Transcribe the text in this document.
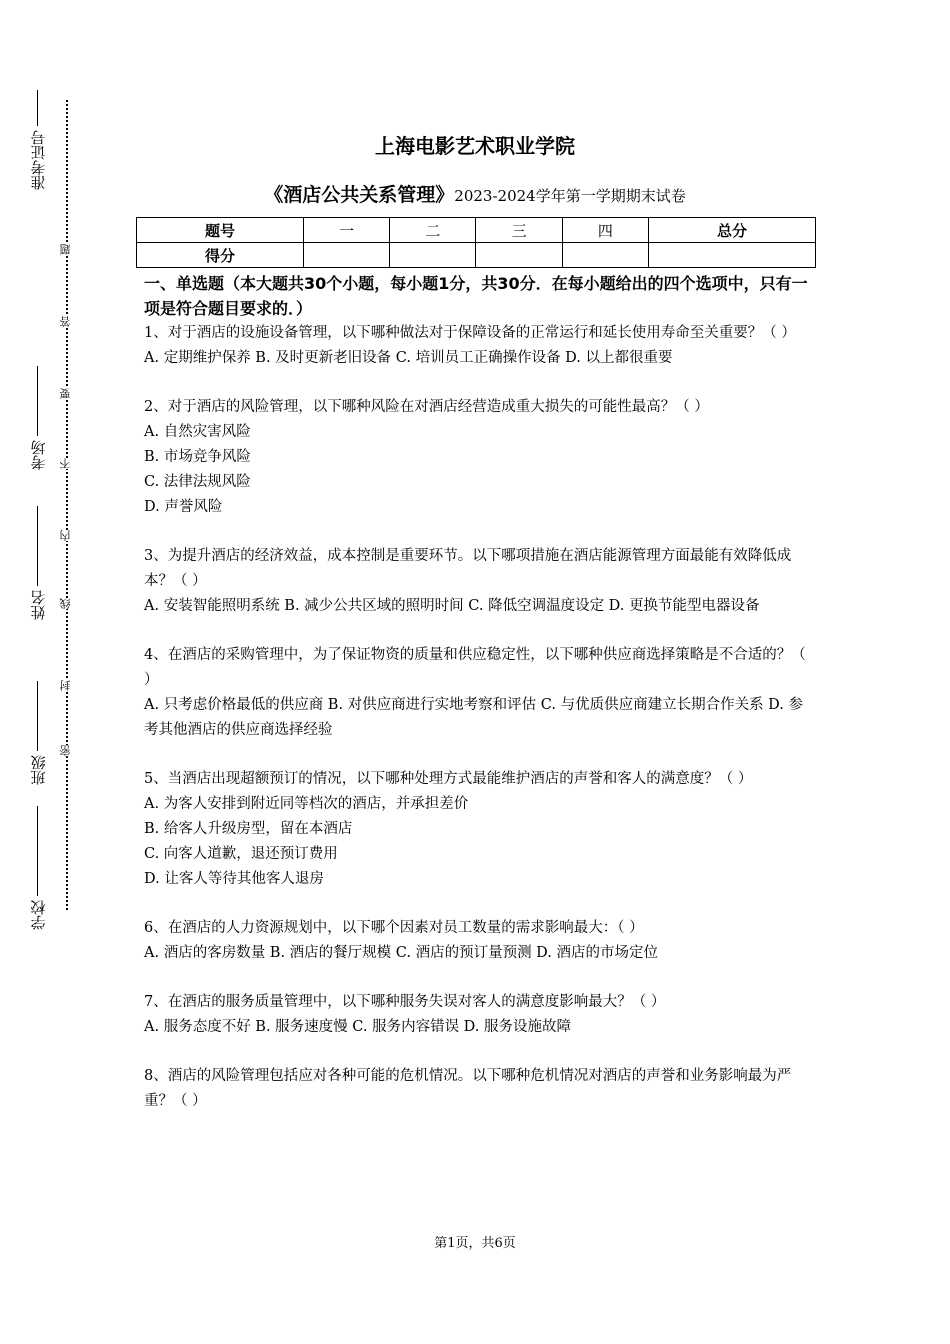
准考证号
考场
姓名
班级
学校
密
封
线
内
不
要
答
题
上海电影艺术职业学院
《酒店公共关系管理》2023-2024学年第一学期期末试卷
题号	一	二	三	四	总分
得分					
一、单选题（本大题共30个小题，每小题1分，共30分．在每小题给出的四个选项中，只有一项是符合题目要求的．）

1、对于酒店的设施设备管理，以下哪种做法对于保障设备的正常运行和延长使用寿命至关重要？（ ）

A. 定期维护保养 B. 及时更新老旧设备 C. 培训员工正确操作设备 D. 以上都很重要

2、对于酒店的风险管理，以下哪种风险在对酒店经营造成重大损失的可能性最高？（ ）

A. 自然灾害风险

B. 市场竞争风险

C. 法律法规风险

D. 声誉风险

3、为提升酒店的经济效益，成本控制是重要环节。以下哪项措施在酒店能源管理方面最能有效降低成本？（ ）

A. 安装智能照明系统 B. 减少公共区域的照明时间 C. 降低空调温度设定 D. 更换节能型电器设备

4、在酒店的采购管理中，为了保证物资的质量和供应稳定性，以下哪种供应商选择策略是不合适的？（ ）

A. 只考虑价格最低的供应商 B. 对供应商进行实地考察和评估 C. 与优质供应商建立长期合作关系 D. 参考其他酒店的供应商选择经验

5、当酒店出现超额预订的情况，以下哪种处理方式最能维护酒店的声誉和客人的满意度？（ ）

A. 为客人安排到附近同等档次的酒店，并承担差价

B. 给客人升级房型，留在本酒店

C. 向客人道歉，退还预订费用

D. 让客人等待其他客人退房

6、在酒店的人力资源规划中，以下哪个因素对员工数量的需求影响最大：（ ）

A. 酒店的客房数量 B. 酒店的餐厅规模 C. 酒店的预订量预测 D. 酒店的市场定位

7、在酒店的服务质量管理中，以下哪种服务失误对客人的满意度影响最大？（ ）

A. 服务态度不好 B. 服务速度慢 C. 服务内容错误 D. 服务设施故障

8、酒店的风险管理包括应对各种可能的危机情况。以下哪种危机情况对酒店的声誉和业务影响最为严重？（ ）

第1页，共6页
